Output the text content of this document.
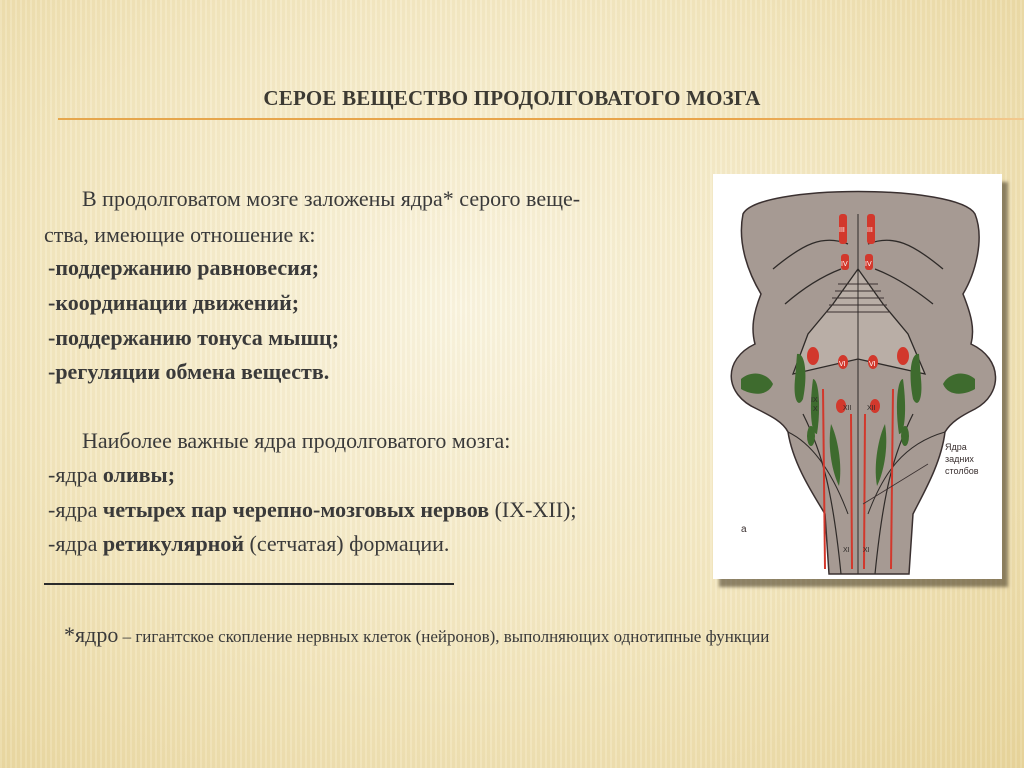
СЕРОЕ ВЕЩЕСТВО ПРОДОЛГОВАТОГО МОЗГА
В продолговатом мозге заложены ядра* серого веще-
ства, имеющие отношение к:
-поддержанию равновесия;
-координации движений;
-поддержанию тонуса мышц;
-регуляции обмена веществ.
Наиболее важные ядра продолговатого мозга:
-ядра оливы;
-ядра четырех пар черепно-мозговых нервов (IX-XII);
-ядра ретикулярной (сетчатая) формации.
*ядро – гигантское скопление нервных клеток (нейронов), выполняющих однотипные функции
Ядра
задних
столбов
а
III	III
IV IV
VI	VI
IX
X	XII XII
XI XI
